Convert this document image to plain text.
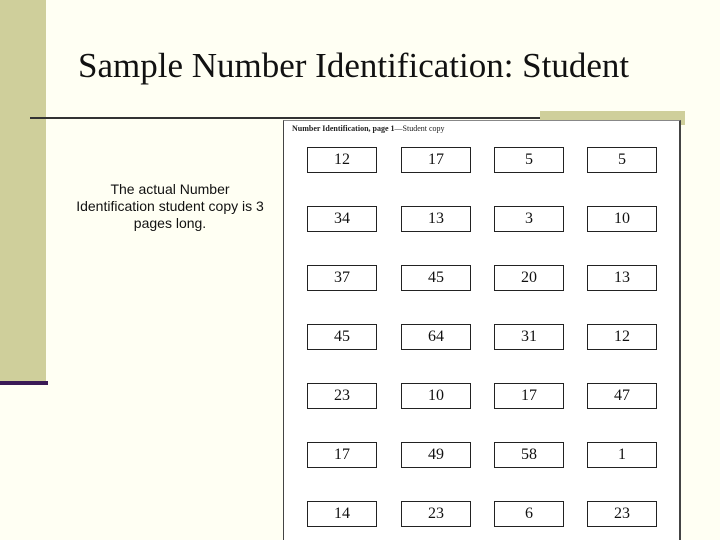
Sample Number Identification: Student
The actual Number Identification student copy is 3 pages long.
Number Identification, page 1—Student copy
12	17	5	5
34	13	3	10
37	45	20	13
45	64	31	12
23	10	17	47
17	49	58	1
14	23	6	23
